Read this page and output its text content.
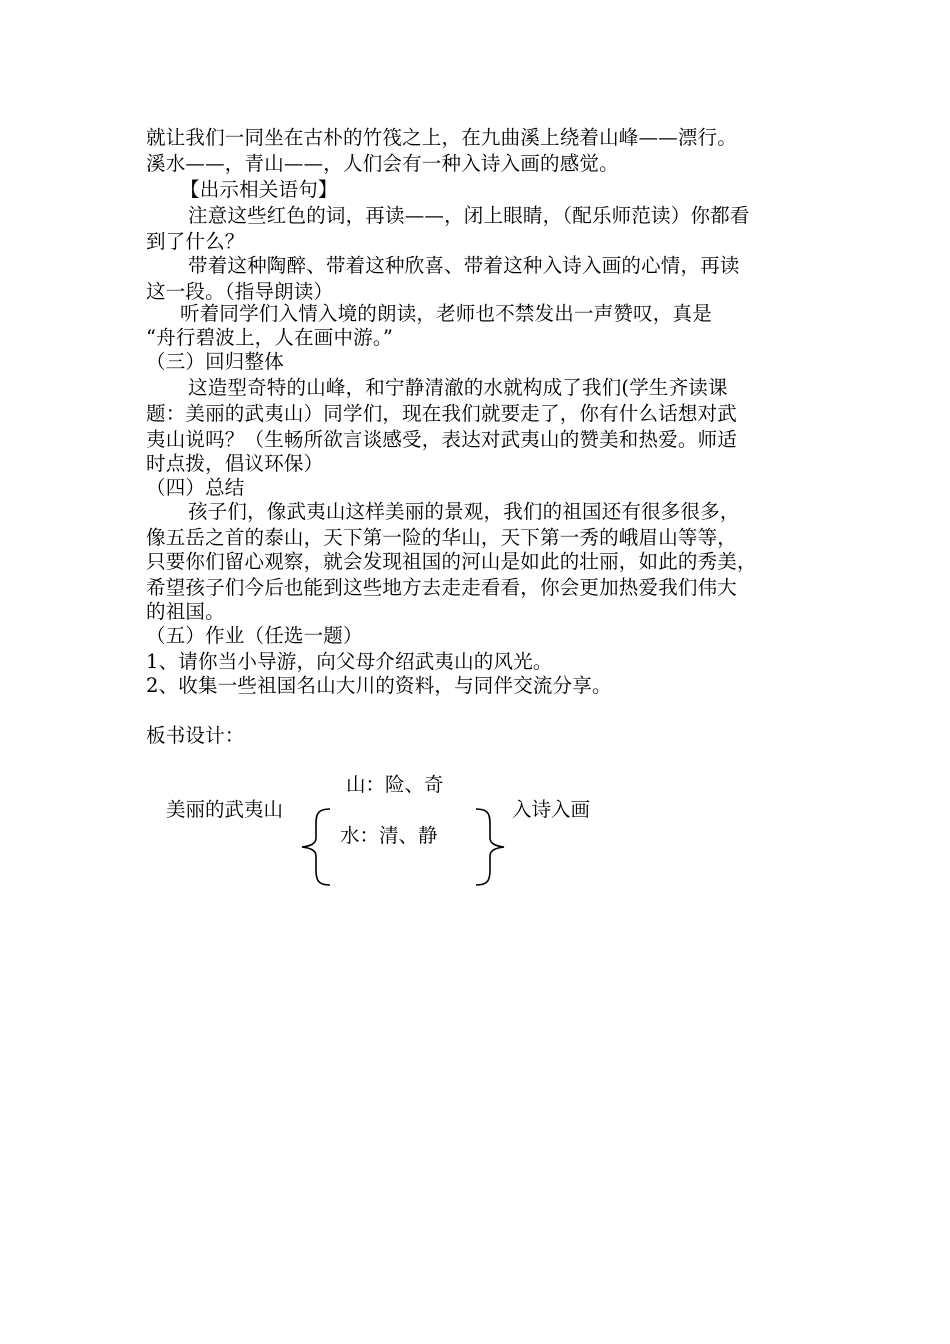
就让我们一同坐在古朴的竹筏之上，在九曲溪上绕着山峰——漂行。
溪水——，青山——，人们会有一种入诗入画的感觉。
【出示相关语句】
注意这些红色的词，再读——，闭上眼睛，（配乐师范读）你都看
到了什么？
带着这种陶醉、带着这种欣喜、带着这种入诗入画的心情，再读
这一段。（指导朗读）
听着同学们入情入境的朗读，老师也不禁发出一声赞叹，真是
“舟行碧波上，人在画中游。”
（三）回归整体
这造型奇特的山峰，和宁静清澈的水就构成了我们(学生齐读课
题：美丽的武夷山）同学们，现在我们就要走了，你有什么话想对武
夷山说吗？（生畅所欲言谈感受，表达对武夷山的赞美和热爱。师适
时点拨，倡议环保）
（四）总结
孩子们，像武夷山这样美丽的景观，我们的祖国还有很多很多，
像五岳之首的泰山，天下第一险的华山，天下第一秀的峨眉山等等，
只要你们留心观察，就会发现祖国的河山是如此的壮丽，如此的秀美，
希望孩子们今后也能到这些地方去走走看看，你会更加热爱我们伟大
的祖国。
（五）作业（任选一题）
1、请你当小导游，向父母介绍武夷山的风光。
2、收集一些祖国名山大川的资料，与同伴交流分享。
板书设计：
美丽的武夷山
山：险、奇
水：清、静
入诗入画
